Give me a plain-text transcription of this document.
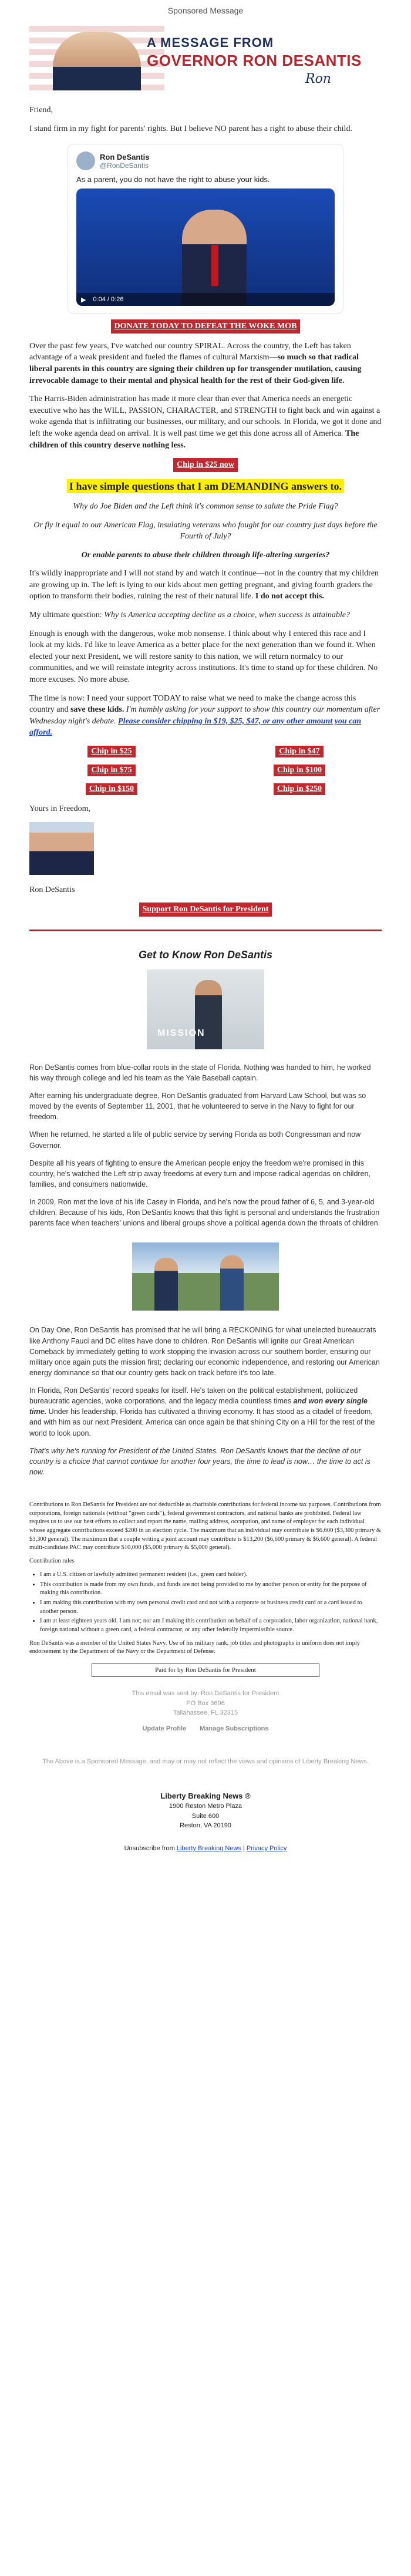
Sponsored Message
A MESSAGE FROM
GOVERNOR RON DESANTIS
Ron

Friend,

I stand firm in my fight for parents' rights. But I believe NO parent has a right to abuse their child.

Ron DeSantis
@RonDeSantis
As a parent, you do not have the right to abuse your kids.
▶ 0:04 / 0:26

DONATE TODAY TO DEFEAT THE WOKE MOB

Over the past few years, I've watched our country SPIRAL. Across the country, the Left has taken advantage of a weak president and fueled the flames of cultural Marxism—so much so that radical liberal parents in this country are signing their children up for transgender mutilation, causing irrevocable damage to their mental and physical health for the rest of their God-given life.

The Harris-Biden administration has made it more clear than ever that America needs an energetic executive who has the WILL, PASSION, CHARACTER, and STRENGTH to fight back and win against a woke agenda that is infiltrating our businesses, our military, and our schools. In Florida, we got it done and left the woke agenda dead on arrival. It is well past time we get this done across all of America. The children of this country deserve nothing less.

Chip in $25 now

I have simple questions that I am DEMANDING answers to.

Why do Joe Biden and the Left think it's common sense to salute the Pride Flag?

Or fly it equal to our American Flag, insulating veterans who fought for our country just days before the Fourth of July?

Or enable parents to abuse their children through life-altering surgeries?

It's wildly inappropriate and I will not stand by and watch it continue—not in the country that my children are growing up in. The left is lying to our kids about men getting pregnant, and giving fourth graders the option to transform their bodies, ruining the rest of their natural life. I do not accept this.

My ultimate question: Why is America accepting decline as a choice, when success is attainable?

Enough is enough with the dangerous, woke mob nonsense. I think about why I entered this race and I look at my kids. I'd like to leave America as a better place for the next generation than we found it. When elected your next President, we will restore sanity to this nation, we will return normalcy to our communities, and we will reinstate integrity across institutions. It's time to stand up for these children. No more excuses. No more abuse.

The time is now: I need your support TODAY to raise what we need to make the change across this country and save these kids. I'm humbly asking for your support to show this country our momentum after Wednesday night's debate. Please consider chipping in $19, $25, $47, or any other amount you can afford.

Chip in $25	Chip in $47
Chip in $75	Chip in $100
Chip in $150	Chip in $250

Yours in Freedom,

Ron DeSantis

Support Ron DeSantis for President

Get to Know Ron DeSantis
MISSION

Ron DeSantis comes from blue-collar roots in the state of Florida. Nothing was handed to him, he worked his way through college and led his team as the Yale Baseball captain.

After earning his undergraduate degree, Ron DeSantis graduated from Harvard Law School, but was so moved by the events of September 11, 2001, that he volunteered to serve in the Navy to fight for our freedom.

When he returned, he started a life of public service by serving Florida as both Congressman and now Governor.

Despite all his years of fighting to ensure the American people enjoy the freedom we're promised in this country, he's watched the Left strip away freedoms at every turn and impose radical agendas on children, families, and consumers nationwide.

In 2009, Ron met the love of his life Casey in Florida, and he's now the proud father of 6, 5, and 3-year-old children. Because of his kids, Ron DeSantis knows that this fight is personal and understands the frustration parents face when teachers' unions and liberal groups shove a political agenda down the throats of children.

On Day One, Ron DeSantis has promised that he will bring a RECKONING for what unelected bureaucrats like Anthony Fauci and DC elites have done to children. Ron DeSantis will ignite our Great American Comeback by immediately getting to work stopping the invasion across our southern border, ensuring our military once again puts the mission first; declaring our economic independence, and restoring our American energy dominance so that our country gets back on track before it's too late.

In Florida, Ron DeSantis' record speaks for itself. He's taken on the political establishment, politicized bureaucratic agencies, woke corporations, and the legacy media countless times and won every single time. Under his leadership, Florida has cultivated a thriving economy. It has stood as a citadel of freedom, and with him as our next President, America can once again be that shining City on a Hill for the rest of the world to look upon.

That's why he's running for President of the United States. Ron DeSantis knows that the decline of our country is a choice that cannot continue for another four years, the time to lead is now… the time to act is now.

Contributions to Ron DeSantis for President are not deductible as charitable contributions for federal income tax purposes. Contributions from corporations, foreign nationals (without "green cards"), federal government contractors, and national banks are prohibited. Federal law requires us to use our best efforts to collect and report the name, mailing address, occupation, and name of employer for each individual whose aggregate contributions exceed $200 in an election cycle. The maximum that an individual may contribute is $6,600 ($3,300 primary & $3,300 general). The maximum that a couple writing a joint account may contribute is $13,200 ($6,600 primary & $6,600 general). A federal multi-candidate PAC may contribute $10,000 ($5,000 primary & $5,000 general).

Contribution rules

• I am a U.S. citizen or lawfully admitted permanent resident (i.e., green card holder).
• This contribution is made from my own funds, and funds are not being provided to me by another person or entity for the purpose of making this contribution.
• I am making this contribution with my own personal credit card and not with a corporate or business credit card or a card issued to another person.
• I am at least eighteen years old. I am not; nor am I making this contribution on behalf of a corporation, labor organization, national bank, foreign national without a green card, a federal contractor, or any other federally impermissible source.

Ron DeSantis was a member of the United States Navy. Use of his military rank, job titles and photographs in uniform does not imply endorsement by the Department of the Navy or the Department of Defense.

Paid for by Ron DeSantis for President
This email was sent by: Ron DeSantis for President
PO Box 3696
Tallahassee, FL 32315
Update Profile Manage Subscriptions
The Above is a Sponsored Message, and may or may not reflect the views and opinions of Liberty Breaking News.
Liberty Breaking News ®
1900 Reston Metro Plaza
Suite 600
Reston, VA 20190
Unsubscribe from Liberty Breaking News | Privacy Policy
